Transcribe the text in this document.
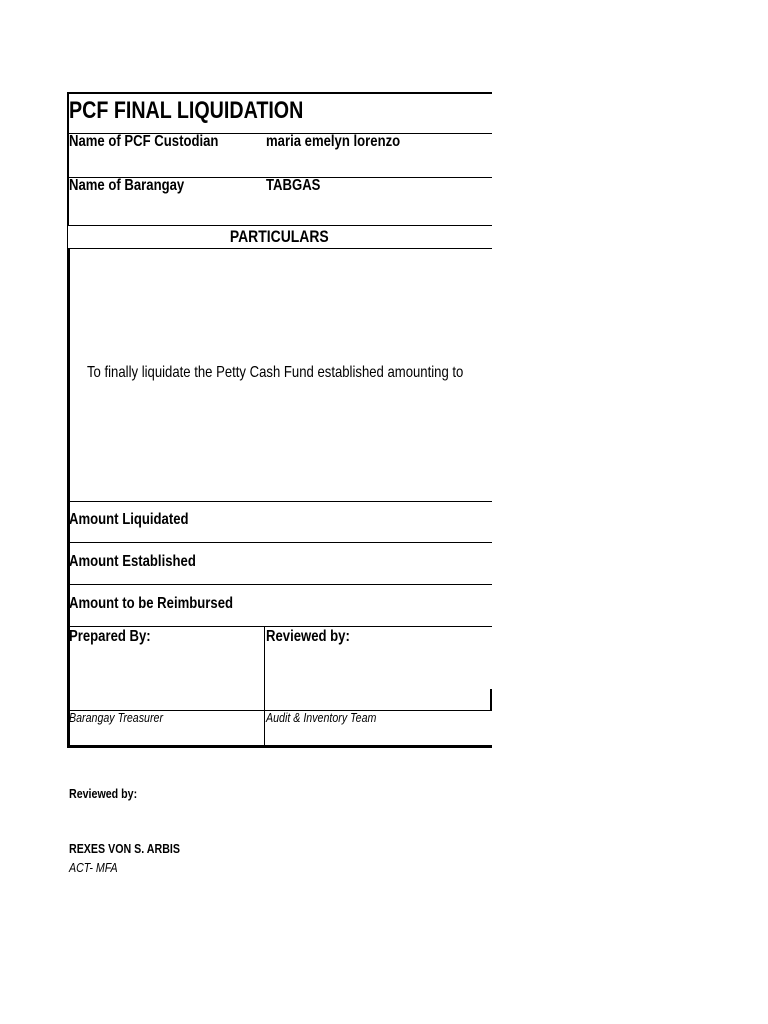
PCF FINAL LIQUIDATION
Name of PCF Custodian	maria emelyn lorenzo
Name of Barangay	TABGAS
PARTICULARS
To finally liquidate the Petty Cash Fund established amounting to
Amount Liquidated
Amount Established
Amount to be Reimbursed
Prepared By:	Reviewed by:
Barangay Treasurer	Audit & Inventory Team
Reviewed by:
REXES VON S. ARBIS
ACT- MFA
